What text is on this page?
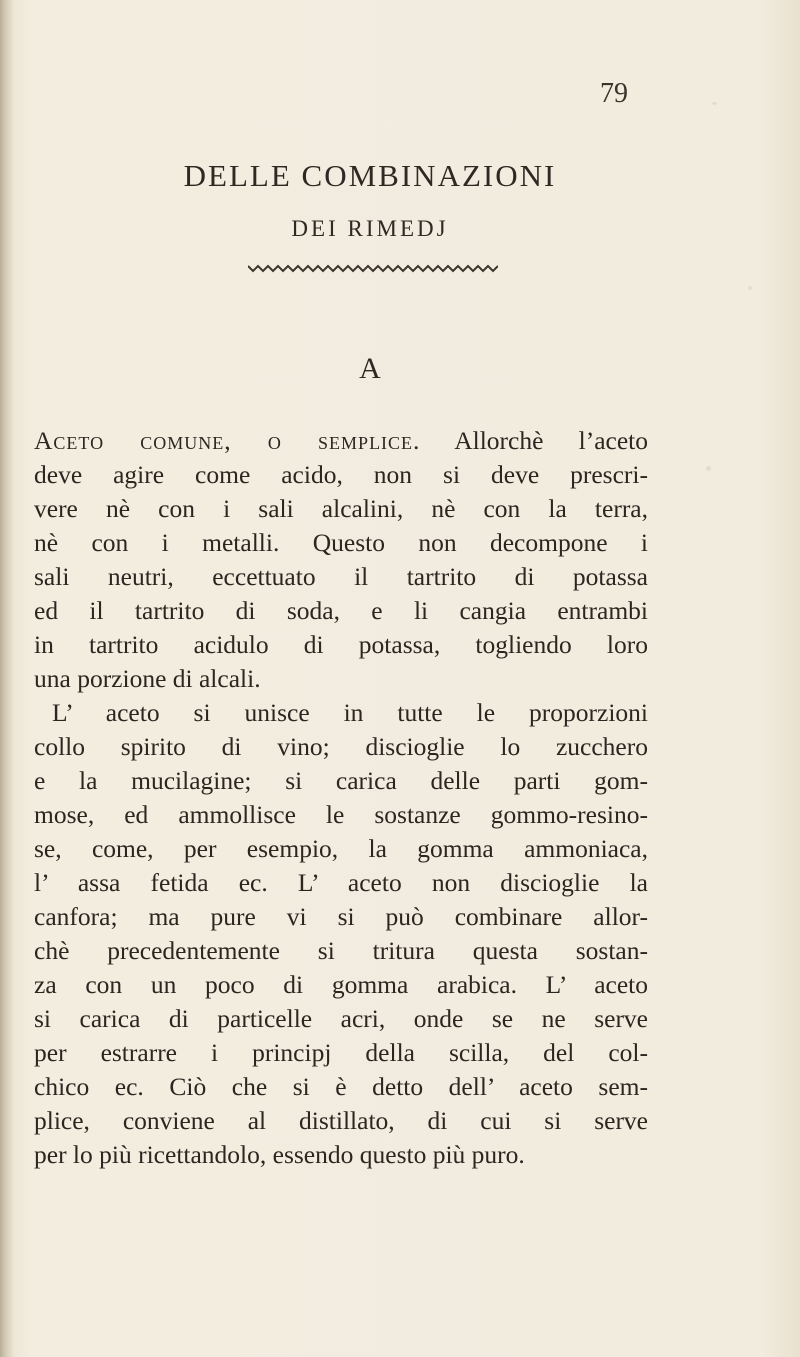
79
DELLE COMBINAZIONI
DEI RIMEDJ
A
Aceto comune, o semplice. Allorchè l’aceto
deve agire come acido, non si deve prescri-
vere nè con i sali alcalini, nè con la terra,
nè con i metalli. Questo non decompone i
sali neutri, eccettuato il tartrito di potassa
ed il tartrito di soda, e li cangia entrambi
in tartrito acidulo di potassa, togliendo loro
una porzione di alcali.
L’ aceto si unisce in tutte le proporzioni
collo spirito di vino; discioglie lo zucchero
e la mucilagine; si carica delle parti gom-
mose, ed ammollisce le sostanze gommo-resino-
se, come, per esempio, la gomma ammoniaca,
l’ assa fetida ec. L’ aceto non discioglie la
canfora; ma pure vi si può combinare allor-
chè precedentemente si tritura questa sostan-
za con un poco di gomma arabica. L’ aceto
si carica di particelle acri, onde se ne serve
per estrarre i principj della scilla, del col-
chico ec. Ciò che si è detto dell’ aceto sem-
plice, conviene al distillato, di cui si serve
per lo più ricettandolo, essendo questo più puro.
